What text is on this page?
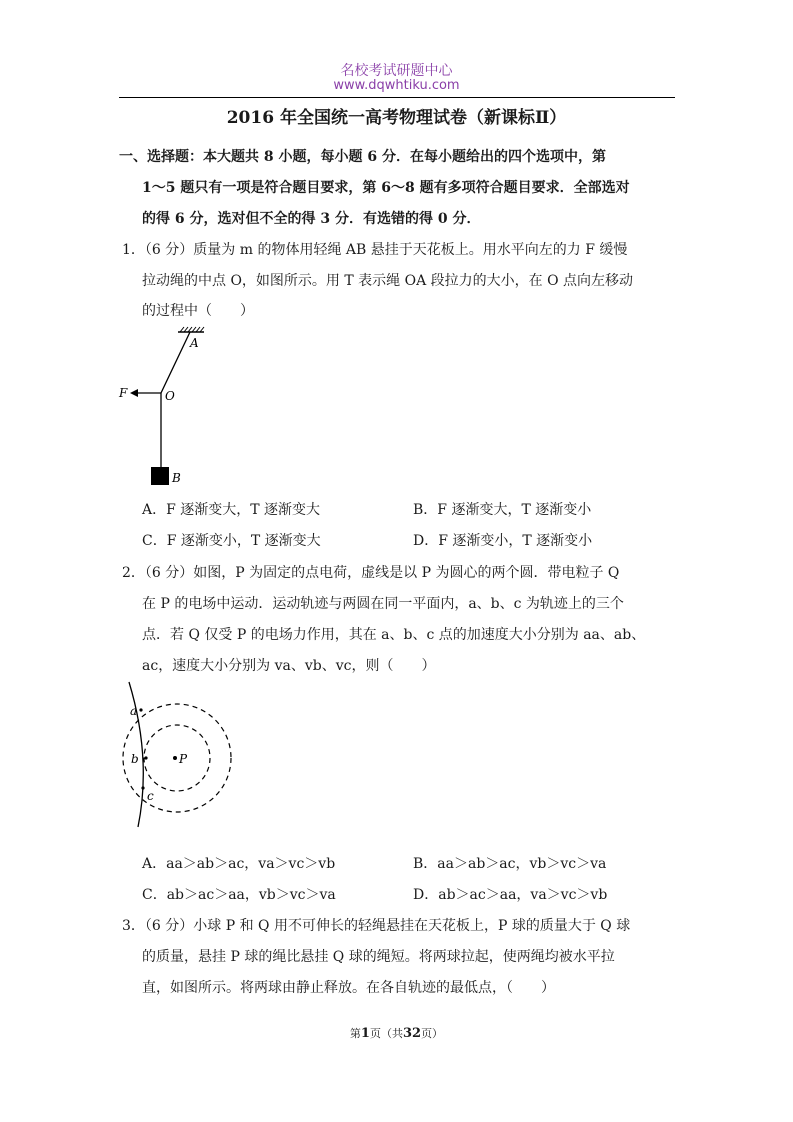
名校考试研题中心
www.dqwhtiku.com
2016 年全国统一高考物理试卷（新课标Ⅱ）
一、选择题：本大题共 8 小题，每小题 6 分．在每小题给出的四个选项中，第
1～5 题只有一项是符合题目要求，第 6～8 题有多项符合题目要求．全部选对
的得 6 分，选对但不全的得 3 分．有选错的得 0 分．
1．（6 分）质量为 m 的物体用轻绳 AB 悬挂于天花板上。用水平向左的力 F 缓慢
拉动绳的中点 O，如图所示。用 T 表示绳 OA 段拉力的大小，在 O 点向左移动
的过程中（　　）
A
O
F
B
A．F 逐渐变大，T 逐渐变大	B．F 逐渐变大，T 逐渐变小
C．F 逐渐变小，T 逐渐变大	D．F 逐渐变小，T 逐渐变小
2．（6 分）如图，P 为固定的点电荷，虚线是以 P 为圆心的两个圆．带电粒子 Q
在 P 的电场中运动．运动轨迹与两圆在同一平面内，a、b、c 为轨迹上的三个
点．若 Q 仅受 P 的电场力作用，其在 a、b、c 点的加速度大小分别为 aa、ab、
ac，速度大小分别为 va、vb、vc，则（　　）
a
b
c
P
A．aa＞ab＞ac，va＞vc＞vb	B．aa＞ab＞ac，vb＞vc＞va
C．ab＞ac＞aa，vb＞vc＞va	D．ab＞ac＞aa，va＞vc＞vb
3．（6 分）小球 P 和 Q 用不可伸长的轻绳悬挂在天花板上，P 球的质量大于 Q 球
的质量，悬挂 P 球的绳比悬挂 Q 球的绳短。将两球拉起，使两绳均被水平拉
直，如图所示。将两球由静止释放。在各自轨迹的最低点，（　　）
第1页（共32页）
